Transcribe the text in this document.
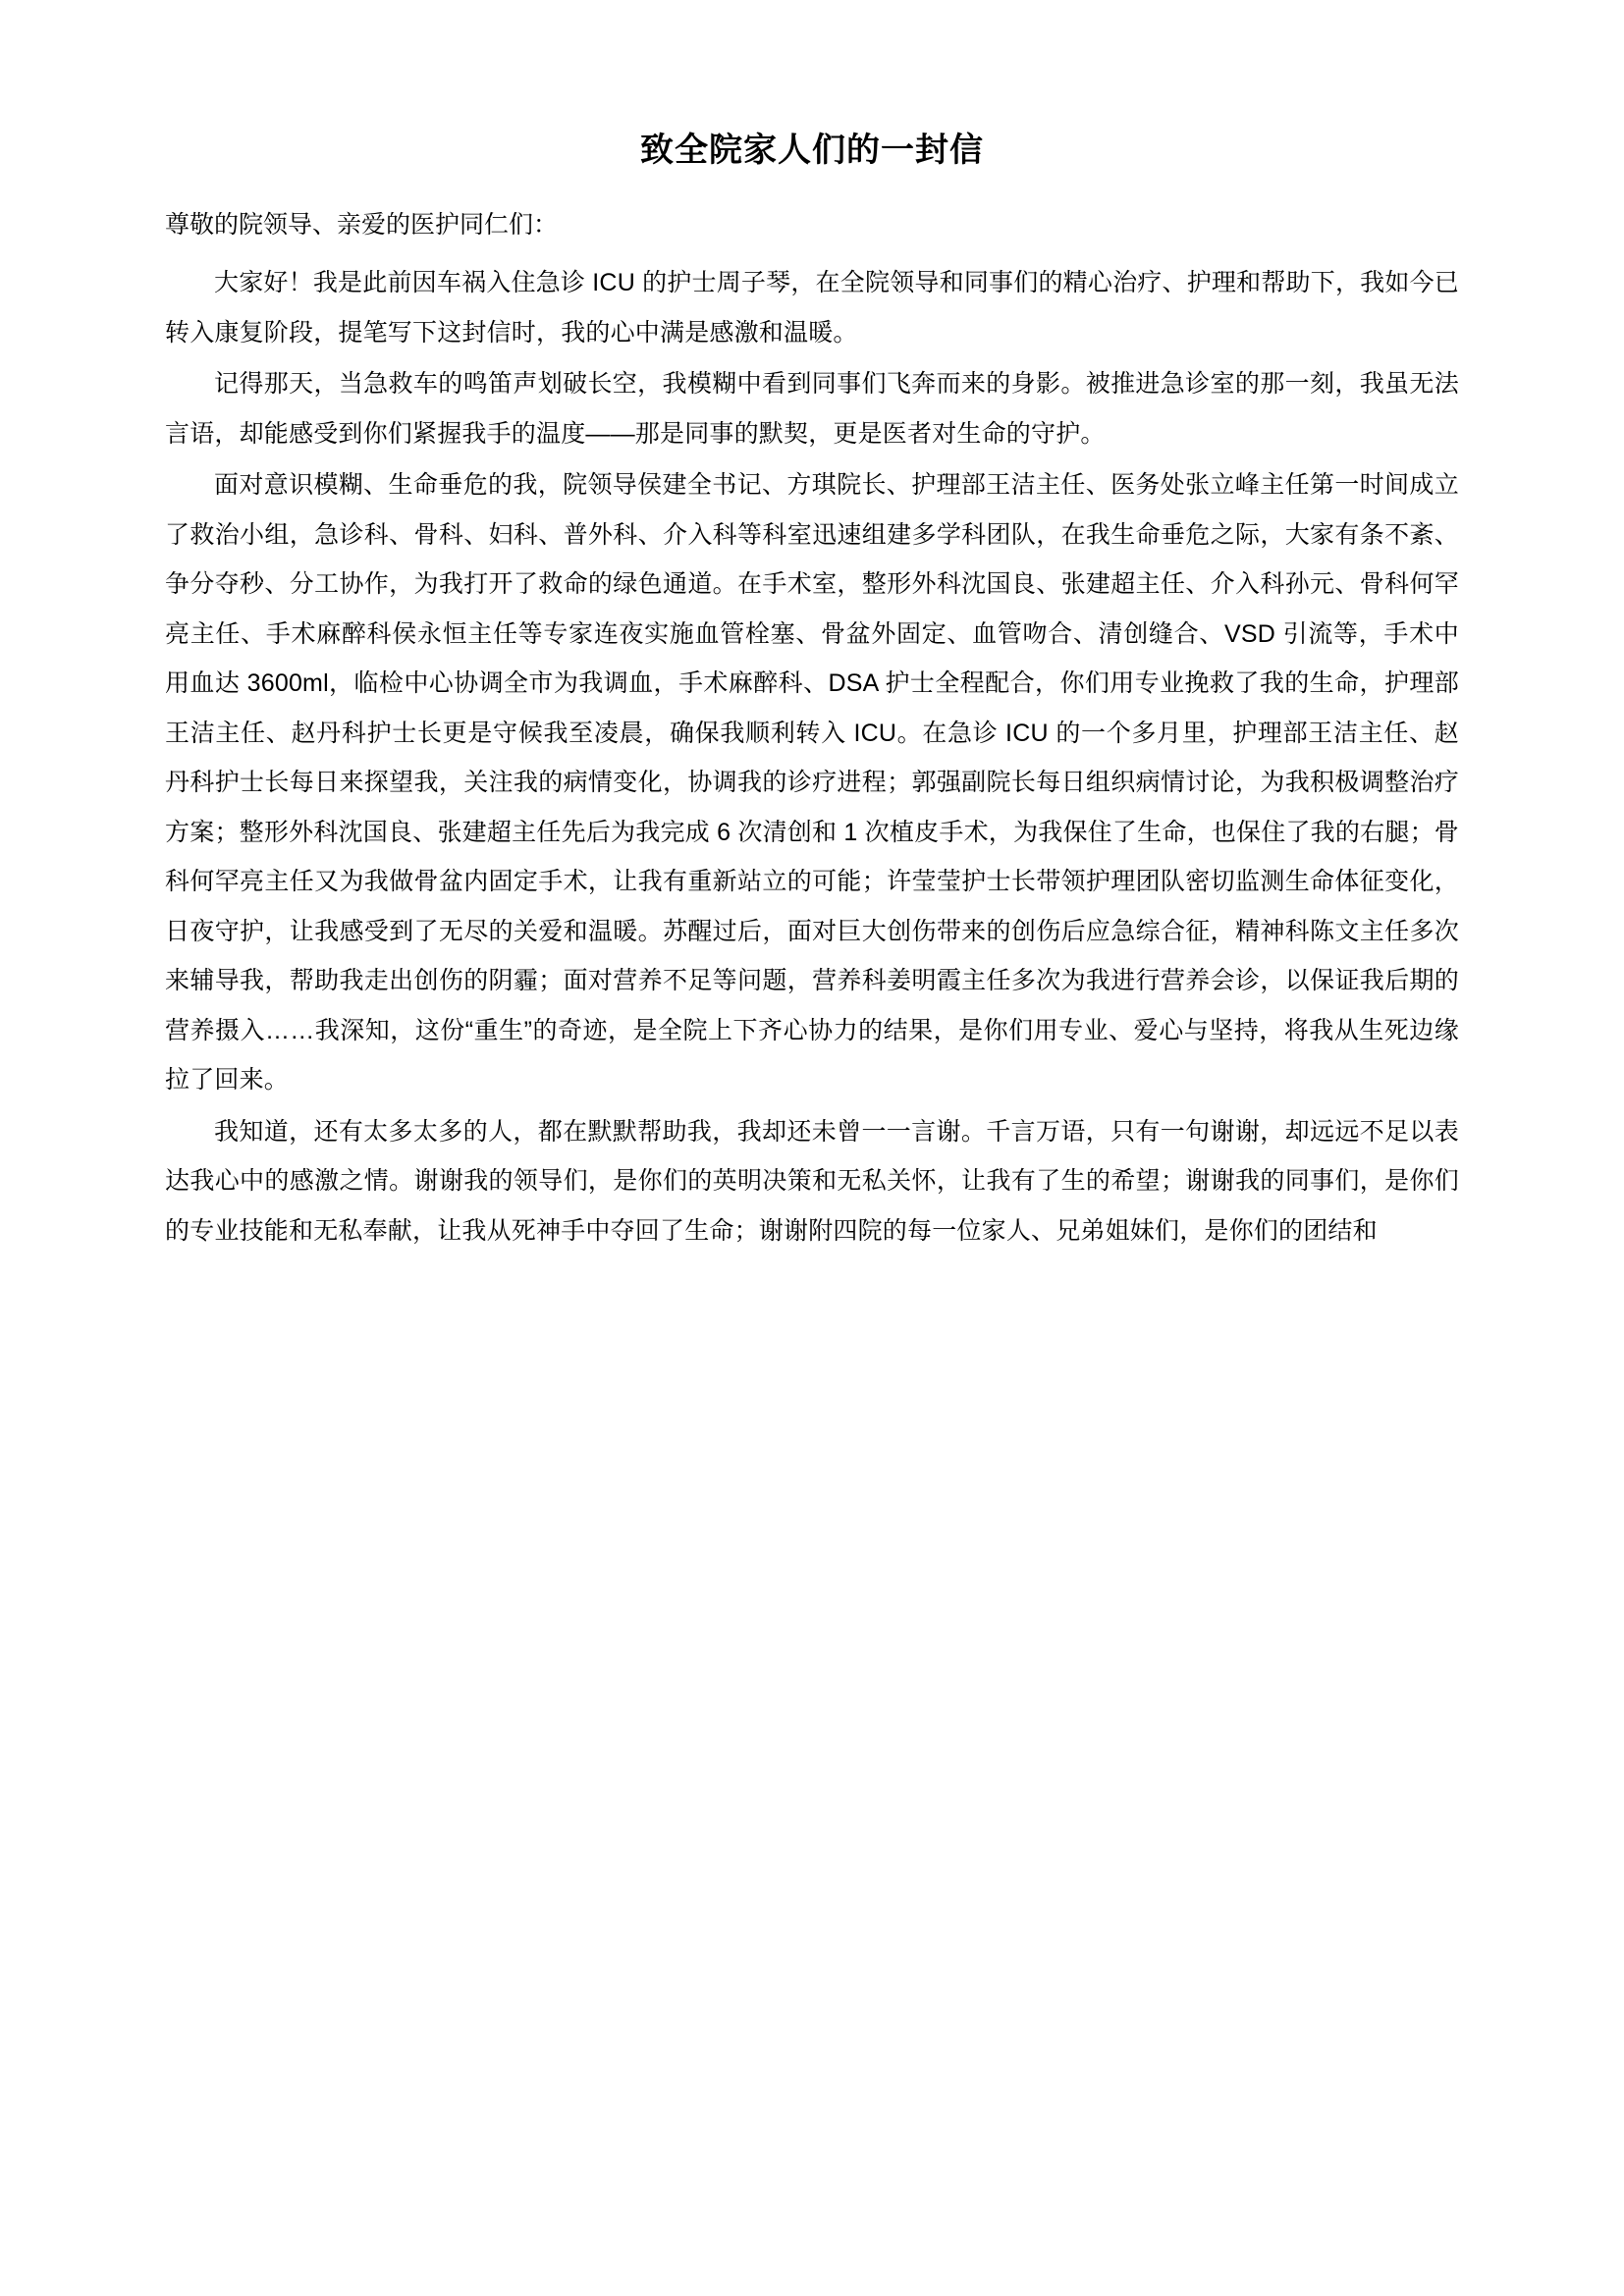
致全院家人们的一封信

尊敬的院领导、亲爱的医护同仁们：

大家好！我是此前因车祸入住急诊 ICU 的护士周子琴，在全院领导和同事们的精心治疗、护理和帮助下，我如今已转入康复阶段，提笔写下这封信时，我的心中满是感激和温暖。

记得那天，当急救车的鸣笛声划破长空，我模糊中看到同事们飞奔而来的身影。被推进急诊室的那一刻，我虽无法言语，却能感受到你们紧握我手的温度——那是同事的默契，更是医者对生命的守护。

面对意识模糊、生命垂危的我，院领导侯建全书记、方琪院长、护理部王洁主任、医务处张立峰主任第一时间成立了救治小组，急诊科、骨科、妇科、普外科、介入科等科室迅速组建多学科团队，在我生命垂危之际，大家有条不紊、争分夺秒、分工协作，为我打开了救命的绿色通道。在手术室，整形外科沈国良、张建超主任、介入科孙元、骨科何罕亮主任、手术麻醉科侯永恒主任等专家连夜实施血管栓塞、骨盆外固定、血管吻合、清创缝合、VSD 引流等，手术中用血达 3600ml，临检中心协调全市为我调血，手术麻醉科、DSA 护士全程配合，你们用专业挽救了我的生命，护理部王洁主任、赵丹科护士长更是守候我至凌晨，确保我顺利转入 ICU。在急诊 ICU 的一个多月里，护理部王洁主任、赵丹科护士长每日来探望我，关注我的病情变化，协调我的诊疗进程；郭强副院长每日组织病情讨论，为我积极调整治疗方案；整形外科沈国良、张建超主任先后为我完成 6 次清创和 1 次植皮手术，为我保住了生命，也保住了我的右腿；骨科何罕亮主任又为我做骨盆内固定手术，让我有重新站立的可能；许莹莹护士长带领护理团队密切监测生命体征变化，日夜守护，让我感受到了无尽的关爱和温暖。苏醒过后，面对巨大创伤带来的创伤后应急综合征，精神科陈文主任多次来辅导我，帮助我走出创伤的阴霾；面对营养不足等问题，营养科姜明霞主任多次为我进行营养会诊，以保证我后期的营养摄入……我深知，这份“重生”的奇迹，是全院上下齐心协力的结果，是你们用专业、爱心与坚持，将我从生死边缘拉了回来。

我知道，还有太多太多的人，都在默默帮助我，我却还未曾一一言谢。千言万语，只有一句谢谢，却远远不足以表达我心中的感激之情。谢谢我的领导们，是你们的英明决策和无私关怀，让我有了生的希望；谢谢我的同事们，是你们的专业技能和无私奉献，让我从死神手中夺回了生命；谢谢附四院的每一位家人、兄弟姐妹们，是你们的团结和
